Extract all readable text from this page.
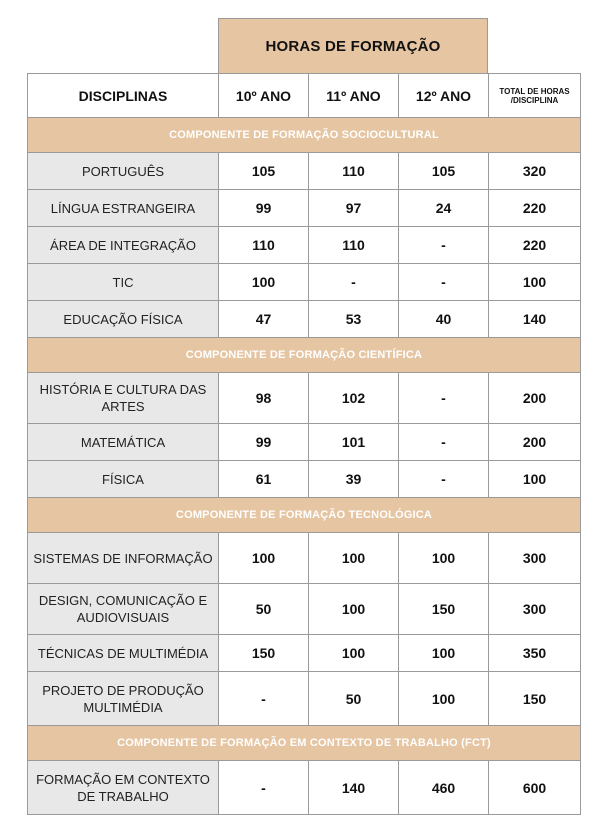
HORAS DE FORMAÇÃO
DISCIPLINAS	10º ANO	11º ANO	12º ANO	TOTAL DE HORAS /DISCIPLINA
COMPONENTE DE FORMAÇÃO SOCIOCULTURAL				
PORTUGUÊS	105	110	105	320
LÍNGUA ESTRANGEIRA	99	97	24	220
ÁREA DE INTEGRAÇÃO	110	110	-	220
TIC	100	-	-	100
EDUCAÇÃO FÍSICA	47	53	40	140
COMPONENTE DE FORMAÇÃO CIENTÍFICA				
HISTÓRIA E CULTURA DAS ARTES	98	102	-	200
MATEMÁTICA	99	101	-	200
FÍSICA	61	39	-	100
COMPONENTE DE FORMAÇÃO TECNOLÓGICA				
SISTEMAS DE INFORMAÇÃO	100	100	100	300
DESIGN, COMUNICAÇÃO E AUDIOVISUAIS	50	100	150	300
TÉCNICAS DE MULTIMÉDIA	150	100	100	350
PROJETO DE PRODUÇÃO MULTIMÉDIA	-	50	100	150
COMPONENTE DE FORMAÇÃO EM CONTEXTO DE TRABALHO (FCT)				
FORMAÇÃO EM CONTEXTO DE TRABALHO	-	140	460	600
